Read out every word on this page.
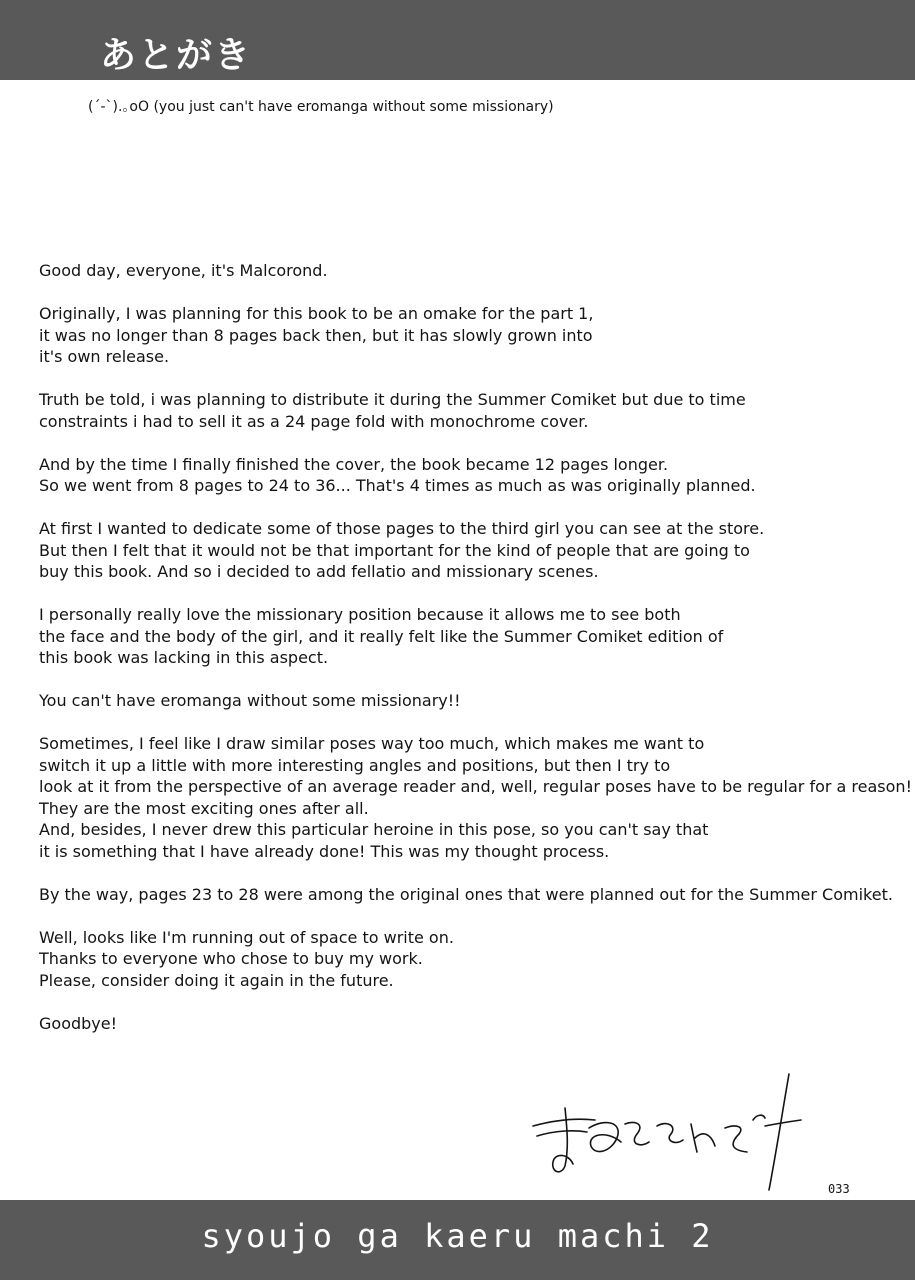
あとがき
(´-`).｡oO (you just can't have eromanga without some missionary)
Good day, everyone, it's Malcorond.
Originally, I was planning for this book to be an omake for the part 1,
it was no longer than 8 pages back then, but it has slowly grown into
it's own release.
Truth be told, i was planning to distribute it during the Summer Comiket but due to time
constraints i had to sell it as a 24 page fold with monochrome cover.
And by the time I finally finished the cover, the book became 12 pages longer.
So we went from 8 pages to 24 to 36... That's 4 times as much as was originally planned.
At first I wanted to dedicate some of those pages to the third girl you can see at the store.
But then I felt that it would not be that important for the kind of people that are going to
buy this book. And so i decided to add fellatio and missionary scenes.
I personally really love the missionary position because it allows me to see both
the face and the body of the girl, and it really felt like the Summer Comiket edition of
this book was lacking in this aspect.
You can't have eromanga without some missionary!!
Sometimes, I feel like I draw similar poses way too much, which makes me want to
switch it up a little with more interesting angles and positions, but then I try to
look at it from the perspective of an average reader and, well, regular poses have to be regular for a reason!
They are the most exciting ones after all.
And, besides, I never drew this particular heroine in this pose, so you can't say that
it is something that I have already done! This was my thought process.
By the way, pages 23 to 28 were among the original ones that were planned out for the Summer Comiket.
Well, looks like I'm running out of space to write on.
Thanks to everyone who chose to buy my work.
Please, consider doing it again in the future.
Goodbye!
033
syoujo ga kaeru machi 2
